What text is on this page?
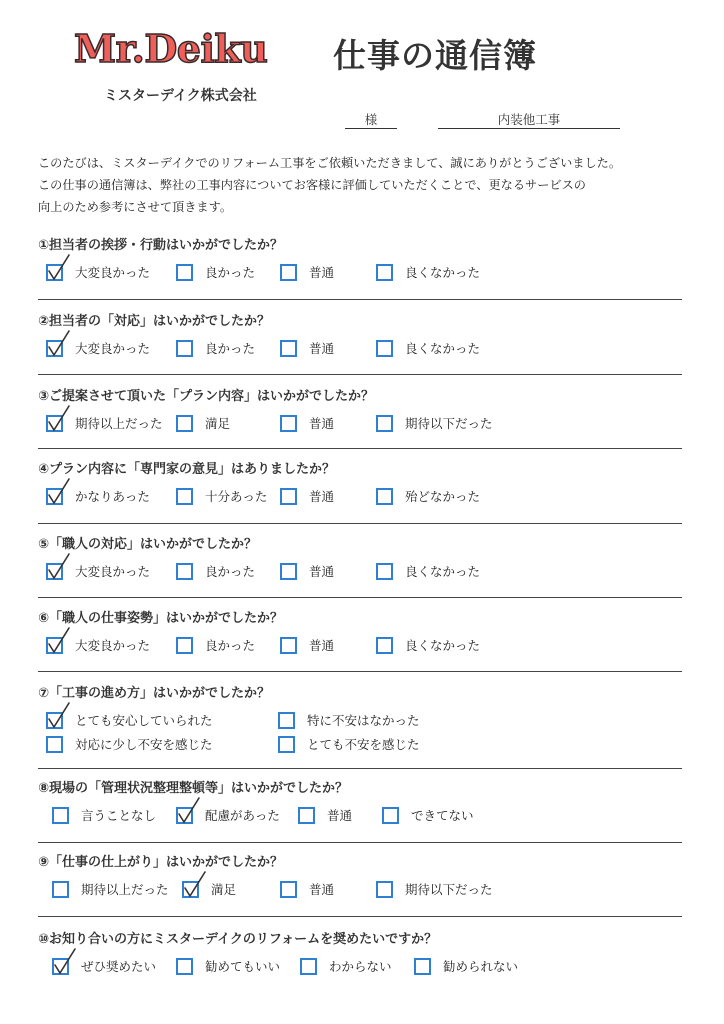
Mr.Deiku 仕事の通信簿
ミスターデイク株式会社
様	内装他工事
このたびは、ミスターデイクでのリフォーム工事をご依頼いただきまして、誠にありがとうございました。
この仕事の通信簿は、弊社の工事内容についてお客様に評価していただくことで、更なるサービスの
向上のため参考にさせて頂きます。
①担当者の挨拶・行動はいかがでしたか？
大変良かった	良かった	普通	良くなかった
②担当者の「対応」はいかがでしたか？
大変良かった	良かった	普通	良くなかった
③ご提案させて頂いた「プラン内容」はいかがでしたか？
期待以上だった	満足	普通	期待以下だった
④プラン内容に「専門家の意見」はありましたか？
かなりあった	十分あった	普通	殆どなかった
⑤「職人の対応」はいかがでしたか？
大変良かった	良かった	普通	良くなかった
⑥「職人の仕事姿勢」はいかがでしたか？
大変良かった	良かった	普通	良くなかった
⑦「工事の進め方」はいかがでしたか？
とても安心していられた	特に不安はなかった
対応に少し不安を感じた	とても不安を感じた
⑧現場の「管理状況整理整頓等」はいかがでしたか？
言うことなし	配慮があった	普通	できてない
⑨「仕事の仕上がり」はいかがでしたか？
期待以上だった	満足	普通	期待以下だった
⑩お知り合いの方にミスターデイクのリフォームを奨めたいですか？
ぜひ奨めたい	勧めてもいい	わからない	勧められない
